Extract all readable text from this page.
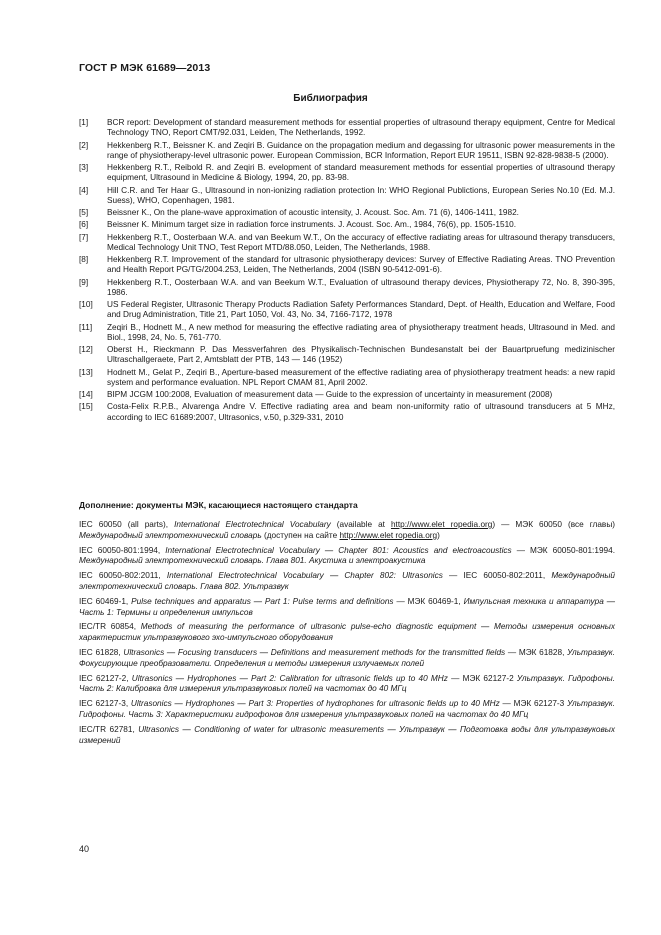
ГОСТ Р МЭК 61689—2013
Библиография
[1] BCR report: Development of standard measurement methods for essential properties of ultrasound therapy equipment, Centre for Medical Technology TNO, Report CMT/92.031, Leiden, The Netherlands, 1992.
[2] Hekkenberg R.T., Beissner K. and Zeqiri B. Guidance on the propagation medium and degassing for ultrasonic power measurements in the range of physiotherapy-level ultrasonic power. European Commission, BCR Information, Report EUR 19511, ISBN 92-828-9838-5 (2000).
[3] Hekkenberg R.T., Reibold R. and Zeqiri B. evelopment of standard measurement methods for essential properties of ultrasound therapy equipment, Ultrasound in Medicine & Biology, 1994, 20, pp. 83-98.
[4] Hill C.R. and Ter Haar G., Ultrasound in non-ionizing radiation protection In: WHO Regional Publictions, European Series No.10 (Ed. M.J. Suess), WHO, Copenhagen, 1981.
[5] Beissner K., On the plane-wave approximation of acoustic intensity, J. Acoust. Soc. Am. 71 (6), 1406-1411, 1982.
[6] Beissner K. Minimum target size in radiation force instruments. J. Acoust. Soc. Am., 1984, 76(6), pp. 1505-1510.
[7] Hekkenberg R.T., Oosterbaan W.A. and van Beekum W.T., On the accuracy of effective radiating areas for ultrasound therapy transducers, Medical Technology Unit TNO, Test Report MTD/88.050, Leiden, The Netherlands, 1988.
[8] Hekkenberg R.T. Improvement of the standard for ultrasonic physiotherapy devices: Survey of Effective Radiating Areas. TNO Prevention and Health Report PG/TG/2004.253, Leiden, The Netherlands, 2004 (ISBN 90-5412-091-6).
[9] Hekkenberg R.T., Oosterbaan W.A. and van Beekum W.T., Evaluation of ultrasound therapy devices, Physiotherapy 72, No. 8, 390-395, 1986.
[10] US Federal Register, Ultrasonic Therapy Products Radiation Safety Performances Standard, Dept. of Health, Education and Welfare, Food and Drug Administration, Title 21, Part 1050, Vol. 43, No. 34, 7166-7172, 1978
[11] Zeqiri B., Hodnett M., A new method for measuring the effective radiating area of physiotherapy treatment heads, Ultrasound in Med. and Biol., 1998, 24, No. 5, 761-770.
[12] Oberst H., Rieckmann P. Das Messverfahren des Physikalisch-Technischen Bundesanstalt bei der Bauartpruefung medizinischer Ultraschallgeraete, Part 2, Amtsblatt der PTB, 143 — 146 (1952)
[13] Hodnett M., Gelat P., Zeqiri B., Aperture-based measurement of the effective radiating area of physiotherapy treatment heads: a new rapid system and performance evaluation. NPL Report CMAM 81, April 2002.
[14] BIPM JCGM 100:2008, Evaluation of measurement data — Guide to the expression of uncertainty in measurement (2008)
[15] Costa-Felix R.P.B., Alvarenga Andre V. Effective radiating area and beam non-uniformity ratio of ultrasound transducers at 5 MHz, according to IEC 61689:2007, Ultrasonics, v.50, p.329-331, 2010
Дополнение: документы МЭК, касающиеся настоящего стандарта
IEC 60050 (all parts), International Electrotechnical Vocabulary (available at http://www.elet ropedia.org) — МЭК 60050 (все главы) Международный электротехнический словарь (доступен на сайте http://www.elet ropedia.org)
IEC 60050-801:1994, International Electrotechnical Vocabulary — Chapter 801: Acoustics and electroacoustics — МЭК 60050-801:1994. Международный электротехнический словарь. Глава 801. Акустика и электроакустика
IEC 60050-802:2011, International Electrotechnical Vocabulary — Chapter 802: Ultrasonics — IEC 60050-802:2011, Международный электротехнический словарь. Глава 802. Ультразвук
IEC 60469-1, Pulse techniques and apparatus — Part 1: Pulse terms and definitions — МЭК 60469-1, Импульсная техника и аппаратура — Часть 1: Термины и определения импульсов
IEC/TR 60854, Methods of measuring the performance of ultrasonic pulse-echo diagnostic equipment — Методы измерения основных характеристик ультразвукового эхо-импульсного оборудования
IEC 61828, Ultrasonics — Focusing transducers — Definitions and measurement methods for the transmitted fields — МЭК 61828, Ультразвук. Фокусирующие преобразователи. Определения и методы измерения излучаемых полей
IEC 62127-2, Ultrasonics — Hydrophones — Part 2: Calibration for ultrasonic fields up to 40 MHz — МЭК 62127-2 Ультразвук. Гидрофоны. Часть 2: Калибровка для измерения ультразвуковых полей на частотах до 40 МГц
IEC 62127-3, Ultrasonics — Hydrophones — Part 3: Properties of hydrophones for ultrasonic fields up to 40 MHz — МЭК 62127-3 Ультразвук. Гидрофоны. Часть 3: Характеристики гидрофонов для измерения ультразвуковых полей на частотах до 40 МГц
IEC/TR 62781, Ultrasonics — Conditioning of water for ultrasonic measurements — Ультразвук — Подготовка воды для ультразвуковых измерений
40
